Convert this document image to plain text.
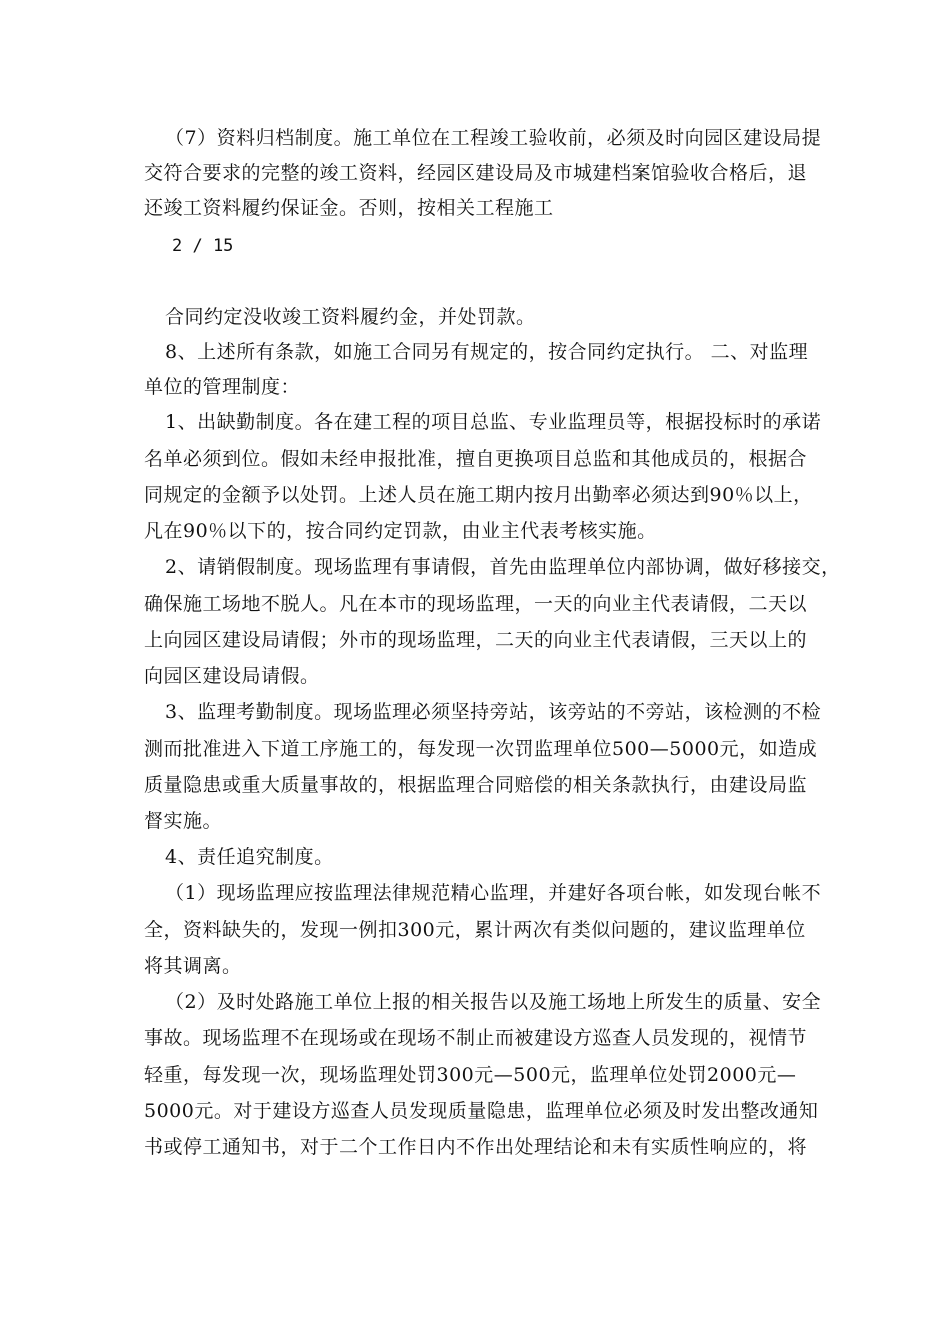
（7）资料归档制度。施工单位在工程竣工验收前，必须及时向园区建设局提
交符合要求的完整的竣工资料，经园区建设局及市城建档案馆验收合格后，退
还竣工资料履约保证金。否则，按相关工程施工
2 / 15
合同约定没收竣工资料履约金，并处罚款。
8、上述所有条款，如施工合同另有规定的，按合同约定执行。 二、对监理
单位的管理制度：
1、出缺勤制度。各在建工程的项目总监、专业监理员等，根据投标时的承诺
名单必须到位。假如未经申报批准，擅自更换项目总监和其他成员的，根据合
同规定的金额予以处罚。上述人员在施工期内按月出勤率必须达到90％以上，
凡在90％以下的，按合同约定罚款，由业主代表考核实施。
2、请销假制度。现场监理有事请假，首先由监理单位内部协调，做好移接交，
确保施工场地不脱人。凡在本市的现场监理，一天的向业主代表请假，二天以
上向园区建设局请假；外市的现场监理，二天的向业主代表请假，三天以上的
向园区建设局请假。
3、监理考勤制度。现场监理必须坚持旁站，该旁站的不旁站，该检测的不检
测而批准进入下道工序施工的，每发现一次罚监理单位500—5000元，如造成
质量隐患或重大质量事故的，根据监理合同赔偿的相关条款执行，由建设局监
督实施。
4、责任追究制度。
（1）现场监理应按监理法律规范精心监理，并建好各项台帐，如发现台帐不
全，资料缺失的，发现一例扣300元，累计两次有类似问题的，建议监理单位
将其调离。
（2）及时处路施工单位上报的相关报告以及施工场地上所发生的质量、安全
事故。现场监理不在现场或在现场不制止而被建设方巡查人员发现的，视情节
轻重，每发现一次，现场监理处罚300元—500元，监理单位处罚2000元—
5000元。对于建设方巡查人员发现质量隐患，监理单位必须及时发出整改通知
书或停工通知书，对于二个工作日内不作出处理结论和未有实质性响应的，将
